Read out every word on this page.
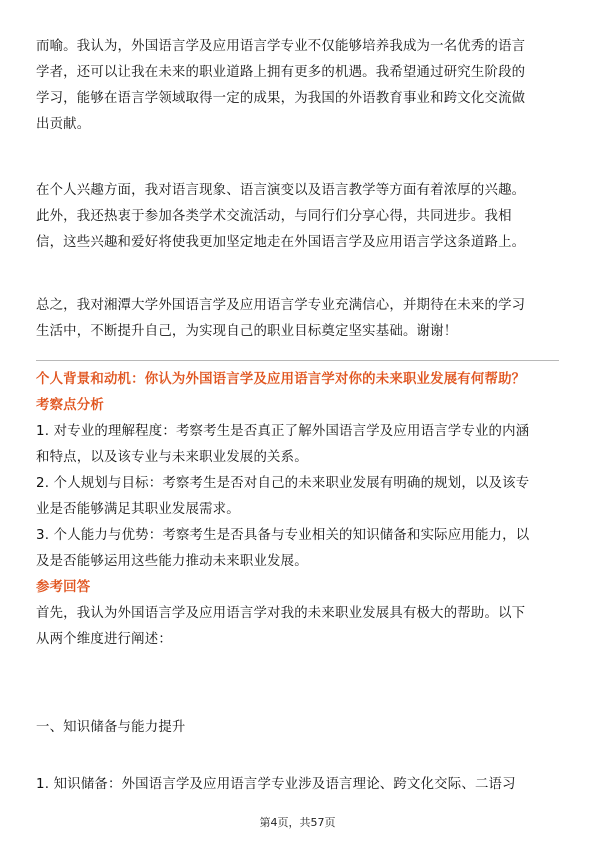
而喻。我认为，外国语言学及应用语言学专业不仅能够培养我成为一名优秀的语言
学者，还可以让我在未来的职业道路上拥有更多的机遇。我希望通过研究生阶段的
学习，能够在语言学领域取得一定的成果，为我国的外语教育事业和跨文化交流做
出贡献。
在个人兴趣方面，我对语言现象、语言演变以及语言教学等方面有着浓厚的兴趣。
此外，我还热衷于参加各类学术交流活动，与同行们分享心得，共同进步。我相
信，这些兴趣和爱好将使我更加坚定地走在外国语言学及应用语言学这条道路上。
总之，我对湘潭大学外国语言学及应用语言学专业充满信心，并期待在未来的学习
生活中，不断提升自己，为实现自己的职业目标奠定坚实基础。谢谢！
个人背景和动机：你认为外国语言学及应用语言学对你的未来职业发展有何帮助？
考察点分析
1. 对专业的理解程度：考察考生是否真正了解外国语言学及应用语言学专业的内涵
和特点，以及该专业与未来职业发展的关系。
2. 个人规划与目标：考察考生是否对自己的未来职业发展有明确的规划，以及该专
业是否能够满足其职业发展需求。
3. 个人能力与优势：考察考生是否具备与专业相关的知识储备和实际应用能力，以
及是否能够运用这些能力推动未来职业发展。
参考回答
首先，我认为外国语言学及应用语言学对我的未来职业发展具有极大的帮助。以下
从两个维度进行阐述：
一、知识储备与能力提升
1. 知识储备：外国语言学及应用语言学专业涉及语言理论、跨文化交际、二语习
第4页，共57页
